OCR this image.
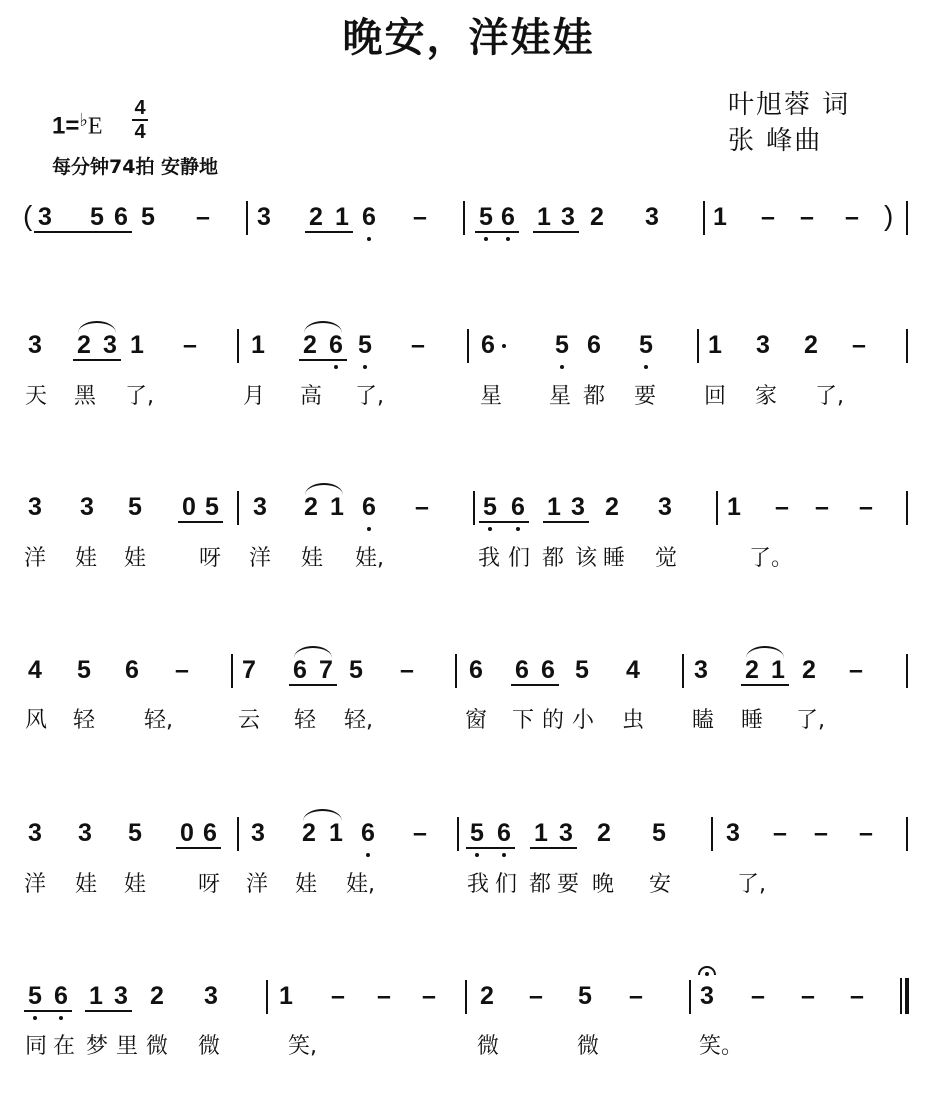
晚安，洋娃娃
1=♭E
4
4
每分钟74拍 安静地
叶旭蓉 词
张 峰曲
3 5 6 5 – 3 2 1 6 – 5 6 1 3 2 3 1 – – –
(	)
3 2 3 1 – 1 2 6 5 – 6 5 6 5 1 3 2 –
天 黑 了,	月 高 了,	星 星 都 要 回 家 了,
3 3 5 0 5 3 2 1 6 – 5 6 1 3 2 3 1 – – –
洋 娃 娃 呀 洋 娃 娃,	我 们 都 该 睡 觉	了。
4 5 6 – 7 6 7 5 – 6 6 6 5 4 3 2 1 2 –
风 轻 轻,	云 轻 轻,	窗 下 的 小 虫 瞌 睡 了,
3 3 5 0 6 3 2 1 6 – 5 6 1 3 2 5 3 – – –
洋 娃 娃 呀 洋 娃 娃,	我 们 都 要 晚 安	了,
5 6 1 3 2 3 1 – – – 2 – 5 – 3 – – –
同 在 梦 里 微 微	笑,	微	微	笑。
